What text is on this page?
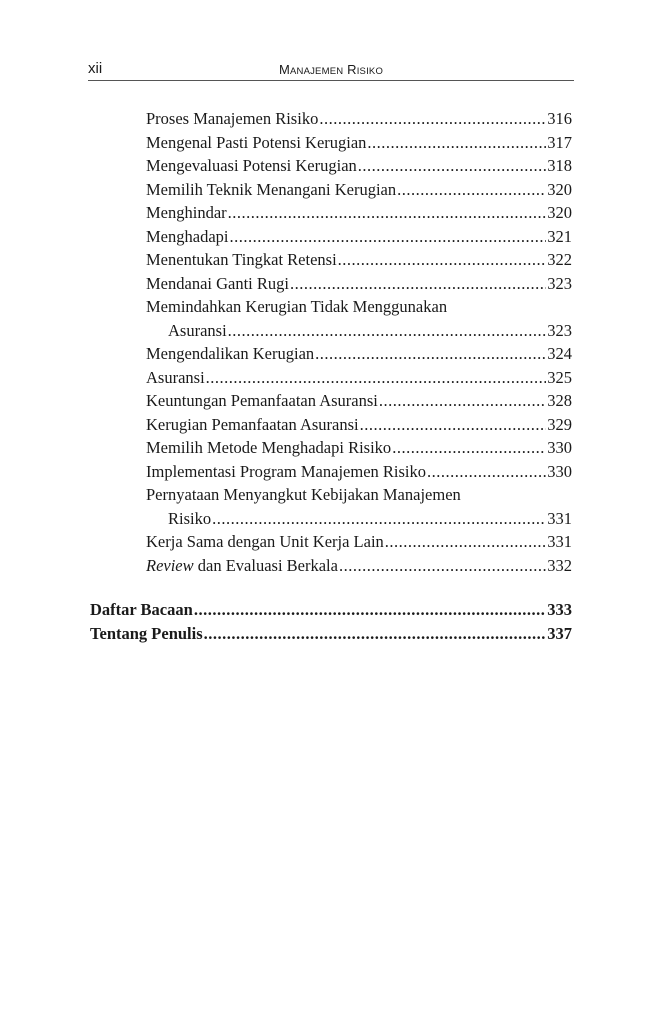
xii	MANAJEMEN RISIKO
Proses Manajemen Risiko .....	316
Mengenal Pasti Potensi Kerugian .....	317
Mengevaluasi Potensi Kerugian .....	318
Memilih Teknik Menangani Kerugian .....	320
Menghindar .....	320
Menghadapi .....	321
Menentukan Tingkat Retensi .....	322
Mendanai Ganti Rugi .....	323
Memindahkan Kerugian Tidak Menggunakan
Asuransi .....	323
Mengendalikan Kerugian .....	324
Asuransi .....	325
Keuntungan Pemanfaatan Asuransi .....	328
Kerugian Pemanfaatan Asuransi .....	329
Memilih Metode Menghadapi Risiko .....	330
Implementasi Program Manajemen Risiko .....	330
Pernyataan Menyangkut Kebijakan Manajemen
Risiko .....	331
Kerja Sama dengan Unit Kerja Lain .....	331
Review dan Evaluasi Berkala .....	332
Daftar Bacaan .....	333
Tentang Penulis .....	337
